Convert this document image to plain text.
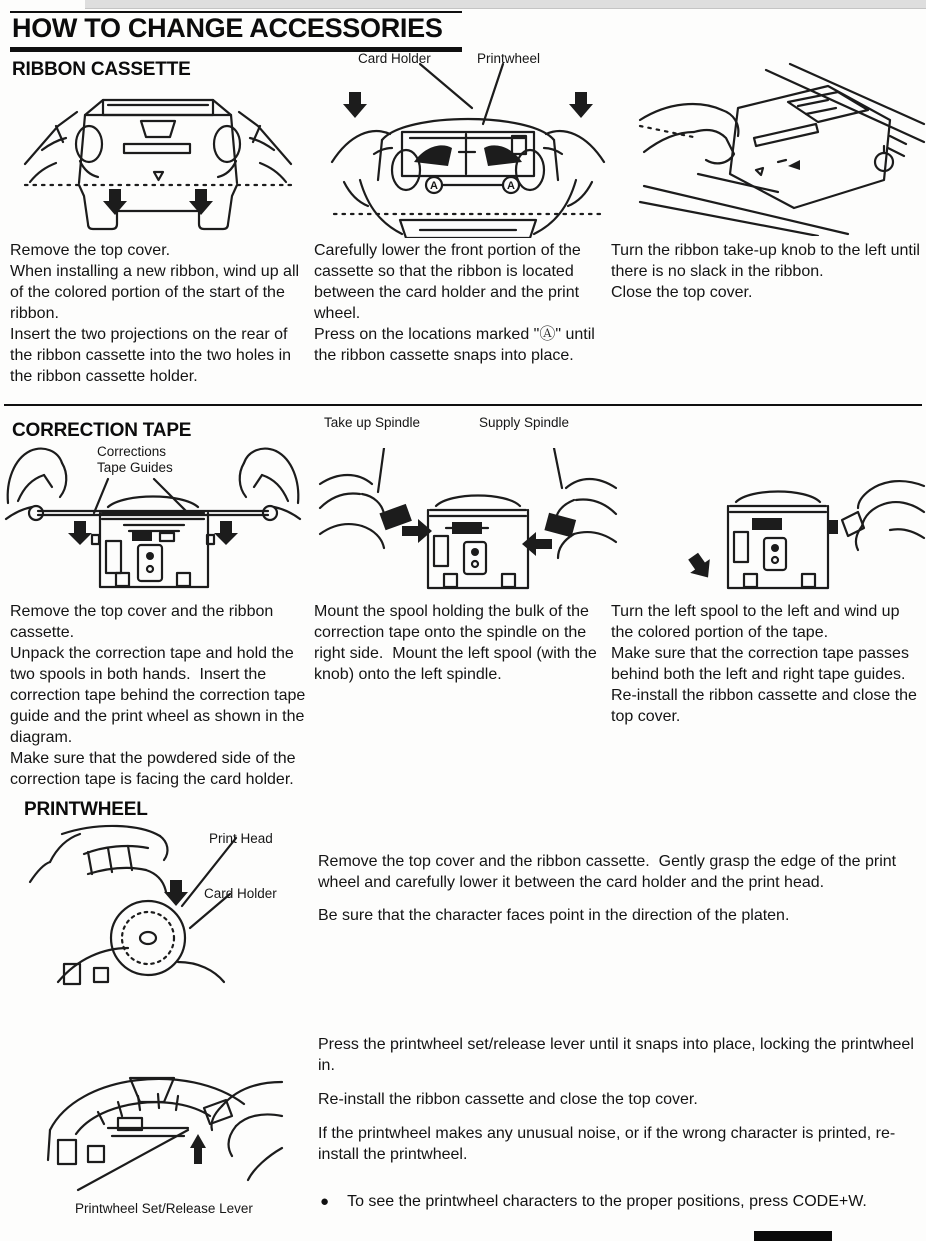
HOW TO CHANGE ACCESSORIES
RIBBON CASSETTE
Card Holder	Printwheel
A	A

Remove the top cover.

When installing a new ribbon, wind up all of the colored portion of the start of the ribbon.

Insert the two projections on the rear of the ribbon cassette into the two holes in the ribbon cassette holder.

Carefully lower the front portion of the cassette so that the ribbon is located between the card holder and the print wheel.

Press on the locations marked "Ⓐ" until the ribbon cassette snaps into place.

Turn the ribbon take-up knob to the left until there is no slack in the ribbon.

Close the top cover.

CORRECTION TAPE
Corrections
Tape Guides
Take up Spindle	Supply Spindle

Remove the top cover and the ribbon cassette.

Unpack the correction tape and hold the two spools in both hands.  Insert the correction tape behind the correction tape guide and the print wheel as shown in the diagram.

Make sure that the powdered side of the correction tape is facing the card holder.

Mount the spool holding the bulk of the correction tape onto the spindle on the right side.  Mount the left spool (with the knob) onto the left spindle.

Turn the left spool to the left and wind up the colored portion of the tape.

Make sure that the correction tape passes behind both the left and right tape guides.  Re-install the ribbon cassette and close the top cover.

PRINTWHEEL
Print Head
Card Holder

Remove the top cover and the ribbon cassette.  Gently grasp the edge of the print wheel and carefully lower it between the card holder and the print head.

Be sure that the character faces point in the direction of the platen.

Printwheel Set/Release Lever

Press the printwheel set/release lever until it snaps into place, locking the printwheel in.

Re-install the ribbon cassette and close the top cover.

If the printwheel makes any unusual noise, or if the wrong character is printed, re-install the printwheel.

● To see the printwheel characters to the proper positions, press CODE+W.
